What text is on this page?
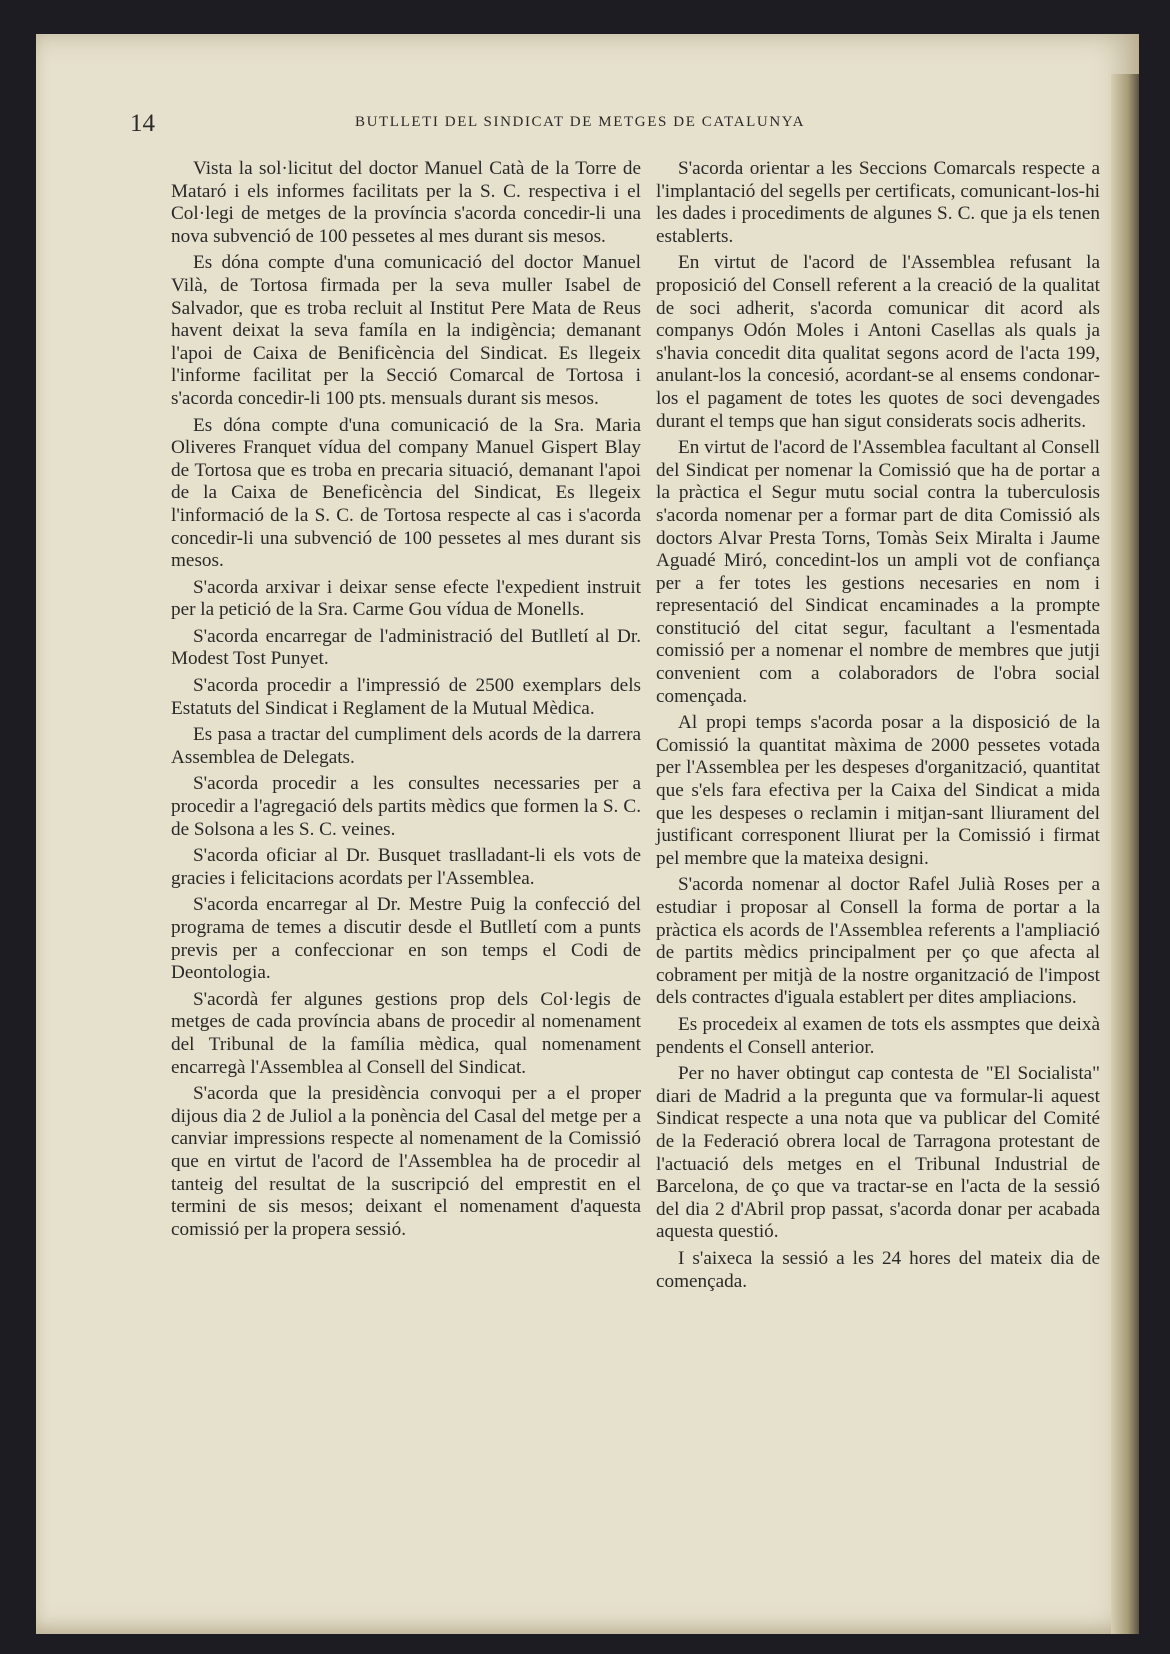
14	BUTLLETI DEL SINDICAT DE METGES DE CATALUNYA

Vista la sol·licitut del doctor Manuel Catà de la Torre de Mataró i els informes facilitats per la S. C. respectiva i el Col·legi de metges de la província s'acorda concedir-li una nova subvenció de 100 pessetes al mes durant sis mesos.

Es dóna compte d'una comunicació del doctor Manuel Vilà, de Tortosa firmada per la seva muller Isabel de Salvador, que es troba recluit al Institut Pere Mata de Reus havent deixat la seva famíla en la indigència; demanant l'apoi de Caixa de Benificència del Sindicat. Es llegeix l'informe facilitat per la Secció Comarcal de Tortosa i s'acorda concedir-li 100 pts. mensuals durant sis mesos.

Es dóna compte d'una comunicació de la Sra. Maria Oliveres Franquet vídua del company Manuel Gispert Blay de Tortosa que es troba en precaria situació, demanant l'apoi de la Caixa de Beneficència del Sindicat, Es llegeix l'informació de la S. C. de Tortosa respecte al cas i s'acorda concedir-li una subvenció de 100 pessetes al mes durant sis mesos.

S'acorda arxivar i deixar sense efecte l'expedient instruit per la petició de la Sra. Carme Gou vídua de Monells.

S'acorda encarregar de l'administració del Butlletí al Dr. Modest Tost Punyet.

S'acorda procedir a l'impressió de 2500 exemplars dels Estatuts del Sindicat i Reglament de la Mutual Mèdica.

Es pasa a tractar del cumpliment dels acords de la darrera Assemblea de Delegats.

S'acorda procedir a les consultes necessaries per a procedir a l'agregació dels partits mèdics que formen la S. C. de Solsona a les S. C. veines.

S'acorda oficiar al Dr. Busquet traslladant-li els vots de gracies i felicitacions acordats per l'Assemblea.

S'acorda encarregar al Dr. Mestre Puig la confecció del programa de temes a discutir desde el Butlletí com a punts previs per a confeccionar en son temps el Codi de Deontologia.

S'acordà fer algunes gestions prop dels Col·legis de metges de cada província abans de procedir al nomenament del Tribunal de la família mèdica, qual nomenament encarregà l'Assemblea al Consell del Sindicat.

S'acorda que la presidència convoqui per a el proper dijous dia 2 de Juliol a la ponència del Casal del metge per a canviar impressions respecte al nomenament de la Comissió que en virtut de l'acord de l'Assemblea ha de procedir al tanteig del resultat de la suscripció del emprestit en el termini de sis mesos; deixant el nomenament d'aquesta comissió per la propera sessió.

S'acorda orientar a les Seccions Comarcals respecte a l'implantació del segells per certificats, comunicant-los-hi les dades i procediments de algunes S. C. que ja els tenen establerts.

En virtut de l'acord de l'Assemblea refusant la proposició del Consell referent a la creació de la qualitat de soci adherit, s'acorda comunicar dit acord als companys Odón Moles i Antoni Casellas als quals ja s'havia concedit dita qualitat segons acord de l'acta 199, anulant-los la concesió, acordant-se al ensems condonar-los el pagament de totes les quotes de soci devengades durant el temps que han sigut considerats socis adherits.

En virtut de l'acord de l'Assemblea facultant al Consell del Sindicat per nomenar la Comissió que ha de portar a la pràctica el Segur mutu social contra la tuberculosis s'acorda nomenar per a formar part de dita Comissió als doctors Alvar Presta Torns, Tomàs Seix Miralta i Jaume Aguadé Miró, concedint-los un ampli vot de confiança per a fer totes les gestions necesaries en nom i representació del Sindicat encaminades a la prompte constitució del citat segur, facultant a l'esmentada comissió per a nomenar el nombre de membres que jutji convenient com a colaboradors de l'obra social començada.

Al propi temps s'acorda posar a la disposició de la Comissió la quantitat màxima de 2000 pessetes votada per l'Assemblea per les despeses d'organització, quantitat que s'els fara efectiva per la Caixa del Sindicat a mida que les despeses o reclamin i mitjan-sant lliurament del justificant corresponent lliurat per la Comissió i firmat pel membre que la mateixa designi.

S'acorda nomenar al doctor Rafel Julià Roses per a estudiar i proposar al Consell la forma de portar a la pràctica els acords de l'Assemblea referents a l'ampliació de partits mèdics principalment per ço que afecta al cobrament per mitjà de la nostre organització de l'impost dels contractes d'iguala establert per dites ampliacions.

Es procedeix al examen de tots els assmptes que deixà pendents el Consell anterior.

Per no haver obtingut cap contesta de "El Socialista" diari de Madrid a la pregunta que va formular-li aquest Sindicat respecte a una nota que va publicar del Comité de la Federació obrera local de Tarragona protestant de l'actuació dels metges en el Tribunal Industrial de Barcelona, de ço que va tractar-se en l'acta de la sessió del dia 2 d'Abril prop passat, s'acorda donar per acabada aquesta questió.

I s'aixeca la sessió a les 24 hores del mateix dia de començada.
